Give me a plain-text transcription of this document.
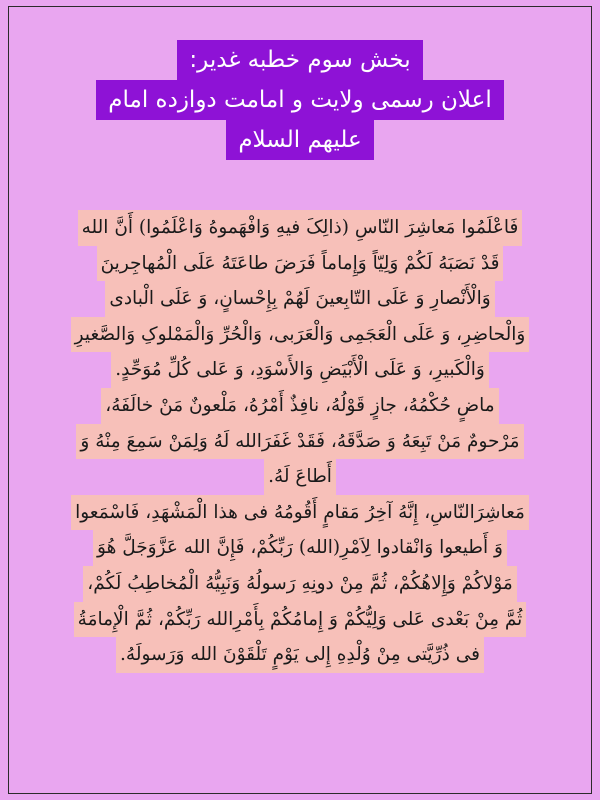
بخش سوم خطبه غدیر:
اعلان رسمی ولایت و امامت دوازده امام
علیهم السلام
فَاعْلَمُوا مَعاشِرَ النّاسِ (ذالِکَ فیهِ وَافْهَموهُ وَاعْلَمُوا) أَنَّ الله
قَدْ نَصَبَهُ لَکُمْ وَلِیّاً وَإِماماً فَرَضَ طاعَتَهُ عَلَی الْمُهاجِرینَ
وَالْأَنْصارِ وَ عَلَی التّابِعینَ لَهُمْ بِإِحْسانٍ، وَ عَلَی الْبادی
وَالْحاضِرِ، وَ عَلَی الْعَجَمِی وَالْعَرَبی، وَالْحُرِّ وَالْمَمْلوکِ وَالصَّغیرِ
وَالْکَبیرِ، وَ عَلَی الْأَبْیَضِ وَالأَسْوَدِ، وَ عَلی کُلِّ مُوَحِّدٍ.
ماضٍ حُکْمُهُ، جازٍ قَوْلُهُ، نافِذٌ أَمْرُهُ، مَلْعونٌ مَنْ خالَفَهُ،
مَرْحومٌ مَنْ تَبِعَهُ وَ صَدَّقَهُ، فَقَدْ غَفَرَالله لَهُ وَلِمَنْ سَمِعَ مِنْهُ وَ
أَطاعَ لَهُ.
مَعاشِرَالنّاسِ، إِنَّهُ آخِرُ مَقامٍ أَقُومُهُ فی هذا الْمَشْهَدِ، فَاسْمَعوا
وَ أَطیعوا وَانْقادوا لِاَمْرِ(الله) رَبِّکُمْ، فَإِنَّ الله عَزَّوَجَلَّ هُوَ
مَوْلاکُمْ وَإِلاهُکُمْ، ثُمَّ مِنْ دونِهِ رَسولُهُ وَنَبِیُّهُ الْمُخاطِبُ لَکُمْ،
ثُمَّ مِنْ بَعْدی عَلی وَلِیُّکُمْ وَ إِمامُکُمْ بِأَمْرِالله رَبِّکُمْ، ثُمَّ الْإِمامَةُ
فی ذُرِّیَّتی مِنْ وُلْدِهِ إِلی یَوْمٍ تَلْقَوْنَ الله وَرَسولَهُ.
